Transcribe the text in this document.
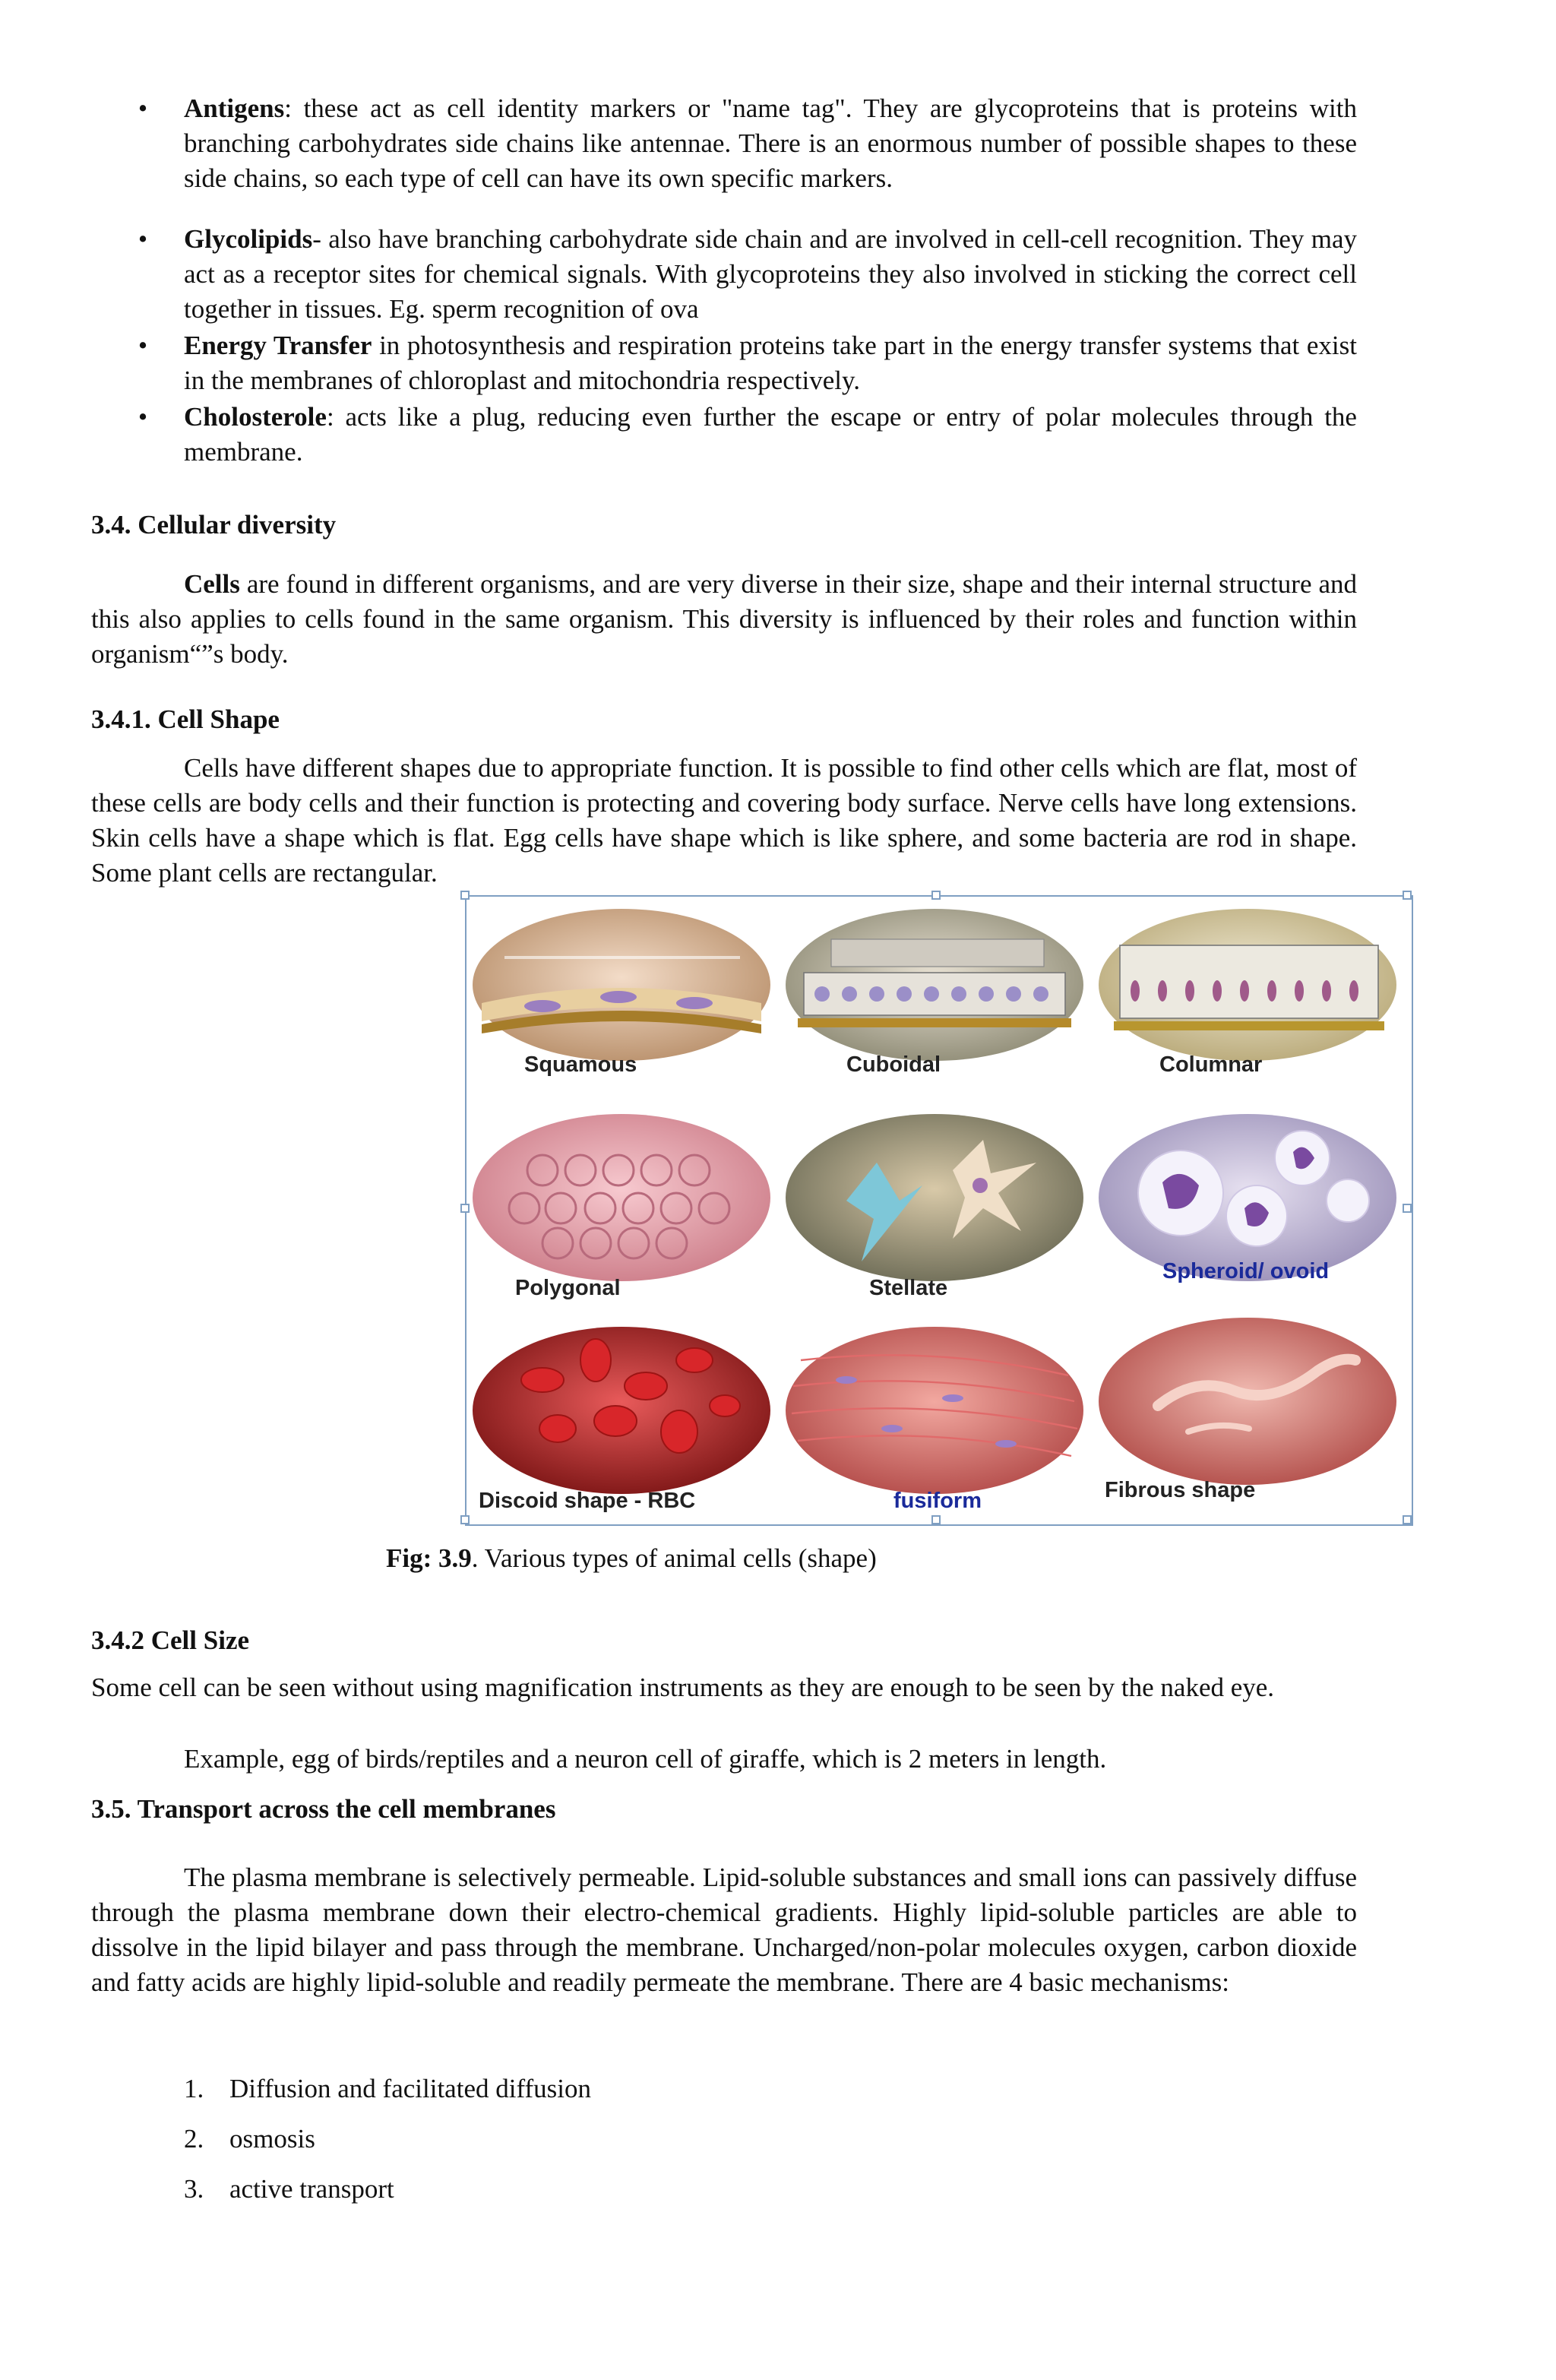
•	Antigens: these act as cell identity markers or "name tag". They are glycoproteins that is proteins with branching carbohydrates side chains like antennae. There is an enormous number of possible shapes to these side chains, so each type of cell can have its own specific markers.
•	Glycolipids- also have branching carbohydrate side chain and are involved in cell-cell recognition. They may act as a receptor sites for chemical signals. With glycoproteins they also involved in sticking the correct cell together in tissues. Eg. sperm recognition of ova
•	Energy Transfer in photosynthesis and respiration proteins take part in the energy transfer systems that exist in the membranes of chloroplast and mitochondria respectively.
•	Cholosterole: acts like a plug, reducing even further the escape or entry of polar molecules through the membrane.
3.4. Cellular diversity
Cells are found in different organisms, and are very diverse in their size, shape and their internal structure and this also applies to cells found in the same organism. This diversity is influenced by their roles and function within organism“”s body.
3.4.1. Cell Shape
Cells have different shapes due to appropriate function. It is possible to find other cells which are flat, most of these cells are body cells and their function is protecting and covering body surface. Nerve cells have long extensions. Skin cells have a shape which is flat. Egg cells have shape which is like sphere, and some bacteria are rod in shape. Some plant cells are rectangular.
Squamous	Cuboidal	Columnar
Polygonal	Stellate
Spheroid/ ovoid
Discoid shape - RBC	fusiform	Fibrous shape
Fig: 3.9. Various types of animal cells (shape)
3.4.2 Cell Size
Some cell can be seen without using magnification instruments as they are enough to be seen by the naked eye.
Example, egg of birds/reptiles and a neuron cell of giraffe, which is 2 meters in length.
3.5. Transport across the cell membranes
The plasma membrane is selectively permeable. Lipid-soluble substances and small ions can passively diffuse through the plasma membrane down their electro-chemical gradients. Highly lipid-soluble particles are able to dissolve in the lipid bilayer and pass through the membrane. Uncharged/non-polar molecules oxygen, carbon dioxide and fatty acids are highly lipid-soluble and readily permeate the membrane. There are 4 basic mechanisms:
1. Diffusion and facilitated diffusion
2. osmosis
3. active transport
